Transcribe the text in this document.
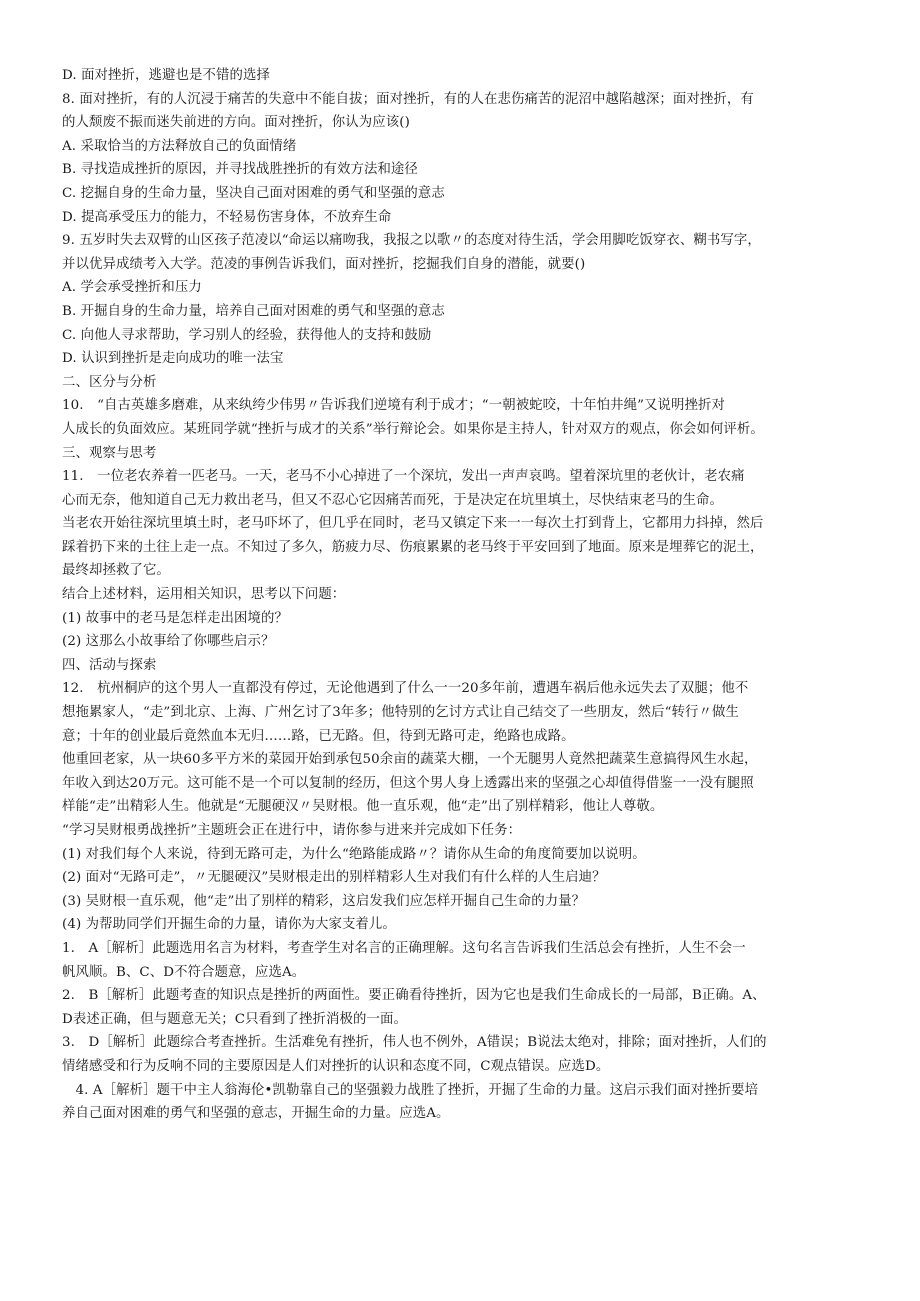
D. 面对挫折，逃避也是不错的选择
8. 面对挫折，有的人沉浸于痛苦的失意中不能自拔；面对挫折，有的人在悲伤痛苦的泥沼中越陷越深；面对挫折，有
的人颓废不振而迷失前进的方向。面对挫折，你认为应该()
A. 采取恰当的方法释放自己的负面情绪
B. 寻找造成挫折的原因，并寻找战胜挫折的有效方法和途径
C. 挖掘自身的生命力量，坚决自己面对困难的勇气和坚强的意志
D. 提高承受压力的能力，不轻易伤害身体，不放弃生命
9. 五岁时失去双臂的山区孩子范凌以“命运以痛吻我，我报之以歌〃的态度对待生活，学会用脚吃饭穿衣、糊书写字，
并以优异成绩考入大学。范凌的事例告诉我们，面对挫折，挖掘我们自身的潜能，就要()
A. 学会承受挫折和压力
B. 开掘自身的生命力量，培养自己面对困难的勇气和坚强的意志
C. 向他人寻求帮助，学习别人的经验，获得他人的支持和鼓励
D. 认识到挫折是走向成功的唯一法宝
二、区分与分析
10.　“自古英雄多磨难，从来纨绔少伟男〃告诉我们逆境有利于成才；“一朝被蛇咬，十年怕井绳”又说明挫折对
人成长的负面效应。某班同学就“挫折与成才的关系”举行辩论会。如果你是主持人，针对双方的观点，你会如何评析。
三、观察与思考
11.　一位老农养着一匹老马。一天，老马不小心掉进了一个深坑，发出一声声哀鸣。望着深坑里的老伙计，老农痛
心而无奈，他知道自己无力救出老马，但又不忍心它因痛苦而死，于是决定在坑里填土，尽快结束老马的生命。
当老农开始往深坑里填土时，老马吓坏了，但几乎在同时，老马又镇定下来一一每次土打到背上，它都用力抖掉，然后
踩着扔下来的土往上走一点。不知过了多久，筋疲力尽、伤痕累累的老马终于平安回到了地面。原来是埋葬它的泥土，
最终却拯救了它。
结合上述材料，运用相关知识，思考以下问题：
(1) 故事中的老马是怎样走出困境的？
(2) 这那么小故事给了你哪些启示？
四、活动与探索
12.　杭州桐庐的这个男人一直都没有停过，无论他遇到了什么一一20多年前，遭遇车祸后他永远失去了双腿；他不
想拖累家人，“走”到北京、上海、广州乞讨了3年多；他特别的乞讨方式让自己结交了一些朋友，然后“转行〃做生
意；十年的创业最后竟然血本无归……路，已无路。但，待到无路可走，绝路也成路。
他重回老家，从一块60多平方米的菜园开始到承包50余亩的蔬菜大棚，一个无腿男人竟然把蔬菜生意搞得风生水起，
年收入到达20万元。这可能不是一个可以复制的经历，但这个男人身上透露出来的坚强之心却值得借鉴一一没有腿照
样能“走”出精彩人生。他就是“无腿硬汉〃吴财根。他一直乐观，他“走”出了别样精彩，他让人尊敬。
“学习吴财根勇战挫折”主题班会正在进行中，请你参与进来并完成如下任务：
(1) 对我们每个人来说，待到无路可走，为什么“绝路能成路〃？请你从生命的角度简要加以说明。
(2) 面对“无路可走”，〃无腿硬汉”吴财根走出的别样精彩人生对我们有什么样的人生启迪？
(3) 吴财根一直乐观，他“走”出了别样的精彩，这启发我们应怎样开掘自己生命的力量？
(4) 为帮助同学们开掘生命的力量，请你为大家支着儿。
1.　A［解析］此题选用名言为材料，考查学生对名言的正确理解。这句名言告诉我们生活总会有挫折，人生不会一
帆风顺。B、C、D不符合题意，应选A。
2.　B［解析］此题考查的知识点是挫折的两面性。要正确看待挫折，因为它也是我们生命成长的一局部，B正确。A、
D表述正确，但与题意无关；C只看到了挫折消极的一面。
3.　D［解析］此题综合考查挫折。生活难免有挫折，伟人也不例外，A错误；B说法太绝对，排除；面对挫折，人们的
情绪感受和行为反响不同的主要原因是人们对挫折的认识和态度不同，C观点错误。应选D。
　4. A［解析］题干中主人翁海伦•凯勒靠自己的坚强毅力战胜了挫折，开掘了生命的力量。这启示我们面对挫折要培
养自己面对困难的勇气和坚强的意志，开掘生命的力量。应选A。
